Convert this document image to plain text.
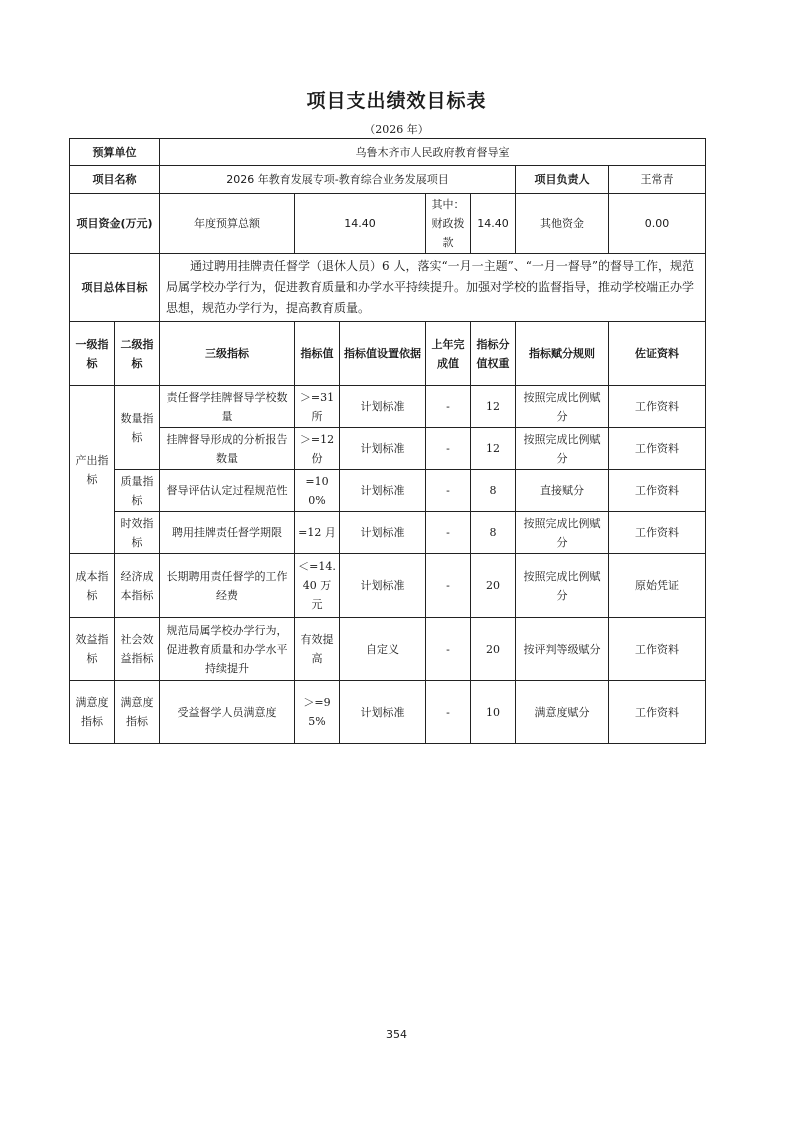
项目支出绩效目标表
（2026 年）
预算单位		乌鲁木齐市人民政府教育督导室						
项目名称		2026 年教育发展专项-教育综合业务发展项目					项目负责人	王常青
项目资金(万元)		年度预算总额	14.40		其中：财政拨款	14.40	其他资金	0.00
项目总体目标		通过聘用挂牌责任督学（退休人员）6 人，落实“一月一主题”、“一月一督导”的督导工作，规范局属学校办学行为，促进教育质量和办学水平持续提升。加强对学校的监督指导，推动学校端正办学思想，规范办学行为，提高教育质量。						
一级指标	二级指标	三级指标	指标值	指标值设置依据	上年完成值	指标分值权重	指标赋分规则	佐证资料
产出指标	数量指标	责任督学挂牌督导学校数量	＞=31所	计划标准	-	12	按照完成比例赋分	工作资料
		挂牌督导形成的分析报告数量	＞=12份	计划标准	-	12	按照完成比例赋分	工作资料
	质量指标	督导评估认定过程规范性	=100%	计划标准	-	8	直接赋分	工作资料
	时效指标	聘用挂牌责任督学期限	=12 月	计划标准	-	8	按照完成比例赋分	工作资料
成本指标	经济成本指标	长期聘用责任督学的工作经费	＜=14.40 万元	计划标准	-	20	按照完成比例赋分	原始凭证
效益指标	社会效益指标	规范局属学校办学行为，促进教育质量和办学水平持续提升	有效提高	自定义	-	20	按评判等级赋分	工作资料
满意度指标	满意度指标	受益督学人员满意度	＞=95%	计划标准	-	10	满意度赋分	工作资料
354
